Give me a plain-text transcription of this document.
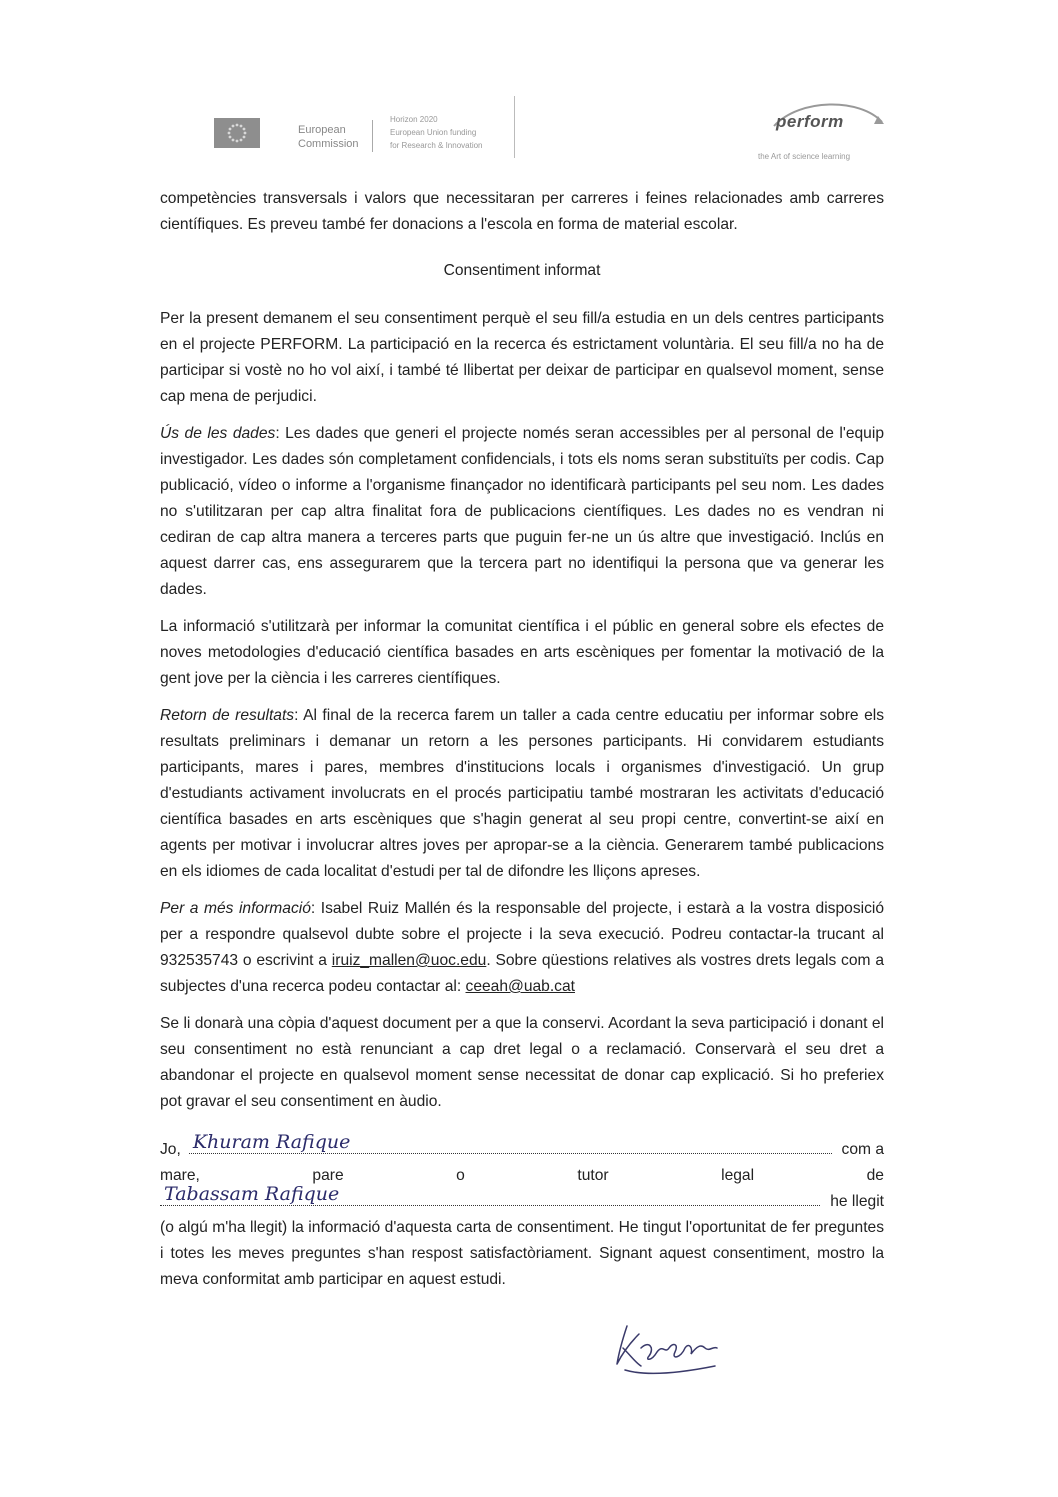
European
Commission
Horizon 2020
European Union funding
for Research & Innovation
perform
the Art of science learning

competències transversals i valors que necessitaran per carreres i feines relacionades amb carreres científiques. Es preveu també fer donacions a l'escola en forma de material escolar.

Consentiment informat

Per la present demanem el seu consentiment perquè el seu fill/a estudia en un dels centres participants en el projecte PERFORM. La participació en la recerca és estrictament voluntària. El seu fill/a no ha de participar si vostè no ho vol així, i també té llibertat per deixar de participar en qualsevol moment, sense cap mena de perjudici.

Ús de les dades: Les dades que generi el projecte només seran accessibles per al personal de l'equip investigador. Les dades són completament confidencials, i tots els noms seran substituïts per codis. Cap publicació, vídeo o informe a l'organisme finançador no identificarà participants pel seu nom. Les dades no s'utilitzaran per cap altra finalitat fora de publicacions científiques. Les dades no es vendran ni cediran de cap altra manera a terceres parts que puguin fer-ne un ús altre que investigació. Inclús en aquest darrer cas, ens assegurarem que la tercera part no identifiqui la persona que va generar les dades.

La informació s'utilitzarà per informar la comunitat científica i el públic en general sobre els efectes de noves metodologies d'educació científica basades en arts escèniques per fomentar la motivació de la gent jove per la ciència i les carreres científiques.

Retorn de resultats: Al final de la recerca farem un taller a cada centre educatiu per informar sobre els resultats preliminars i demanar un retorn a les persones participants. Hi convidarem estudiants participants, mares i pares, membres d'institucions locals i organismes d'investigació. Un grup d'estudiants activament involucrats en el procés participatiu també mostraran les activitats d'educació científica basades en arts escèniques que s'hagin generat al seu propi centre, convertint-se així en agents per motivar i involucrar altres joves per apropar-se a la ciència. Generarem també publicacions en els idiomes de cada localitat d'estudi per tal de difondre les lliçons apreses.

Per a més informació: Isabel Ruiz Mallén és la responsable del projecte, i estarà a la vostra disposició per a respondre qualsevol dubte sobre el projecte i la seva execució. Podreu contactar-la trucant al 932535743 o escrivint a iruiz_mallen@uoc.edu. Sobre qüestions relatives als vostres drets legals com a subjectes d'una recerca podeu contactar al: ceeah@uab.cat

Se li donarà una còpia d'aquest document per a que la conservi. Acordant la seva participació i donant el seu consentiment no està renunciant a cap dret legal o a reclamació. Conservarà el seu dret a abandonar el projecte en qualsevol moment sense necessitat de donar cap explicació. Si ho preferiex pot gravar el seu consentiment en àudio.

Jo, Khuram Rafique	com a
mare,	pare	o	tutor	legal	de
Tabassam Rafique	he llegit

(o algú m'ha llegit) la informació d'aquesta carta de consentiment. He tingut l'oportunitat de fer preguntes i totes les meves preguntes s'han respost satisfactòriament. Signant aquest consentiment, mostro la meva conformitat amb participar en aquest estudi.
